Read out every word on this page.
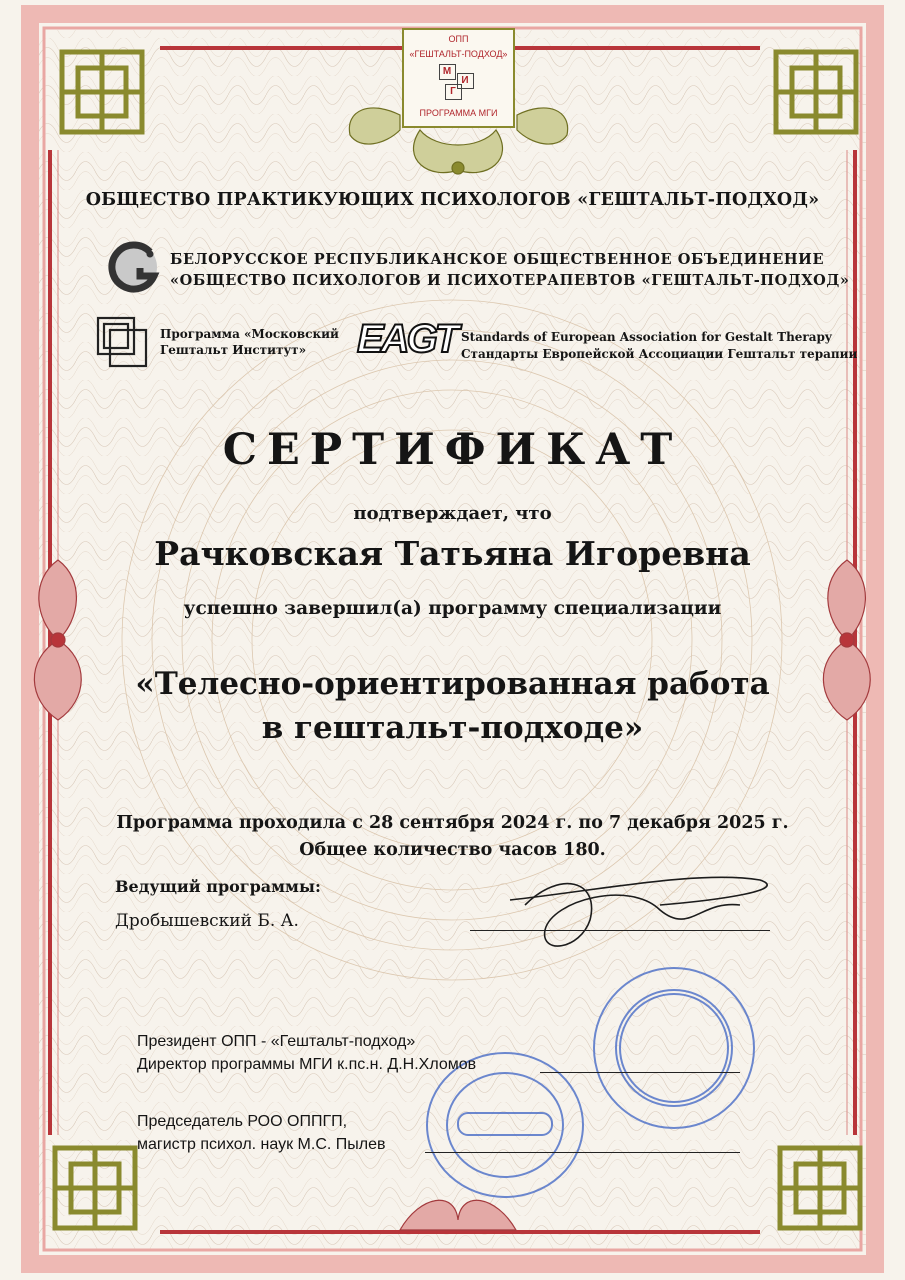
ОПП
«ГЕШТАЛЬТ-ПОДХОД»
М
И
Г
ПРОГРАММА МГИ
ОБЩЕСТВО ПРАКТИКУЮЩИХ ПСИХОЛОГОВ «ГЕШТАЛЬТ-ПОДХОД»
БЕЛОРУССКОЕ РЕСПУБЛИКАНСКОЕ ОБЩЕСТВЕННОЕ ОБЪЕДИНЕНИЕ
«ОБЩЕСТВО ПСИХОЛОГОВ И ПСИХОТЕРАПЕВТОВ «ГЕШТАЛЬТ-ПОДХОД»
Программа «Московский
Гештальт Институт»	EAGT Standards of European Association for Gestalt Therapy
Стандарты Европейской Ассоциации Гештальт терапии
СЕРТИФИКАТ
подтверждает, что
Рачковская Татьяна Игоревна
успешно завершил(а) программу специализации
«Телесно-ориентированная работа
в гештальт-подходе»
Программа проходила с 28 сентября 2024 г. по 7 декабря 2025 г.
Общее количество часов 180.
Ведущий программы:
Дробышевский Б. А.
Президент ОПП - «Гештальт-подход»
Директор программы МГИ к.пс.н. Д.Н.Хломов
Председатель РОО ОППГП,
магистр психол. наук М.С. Пылев
